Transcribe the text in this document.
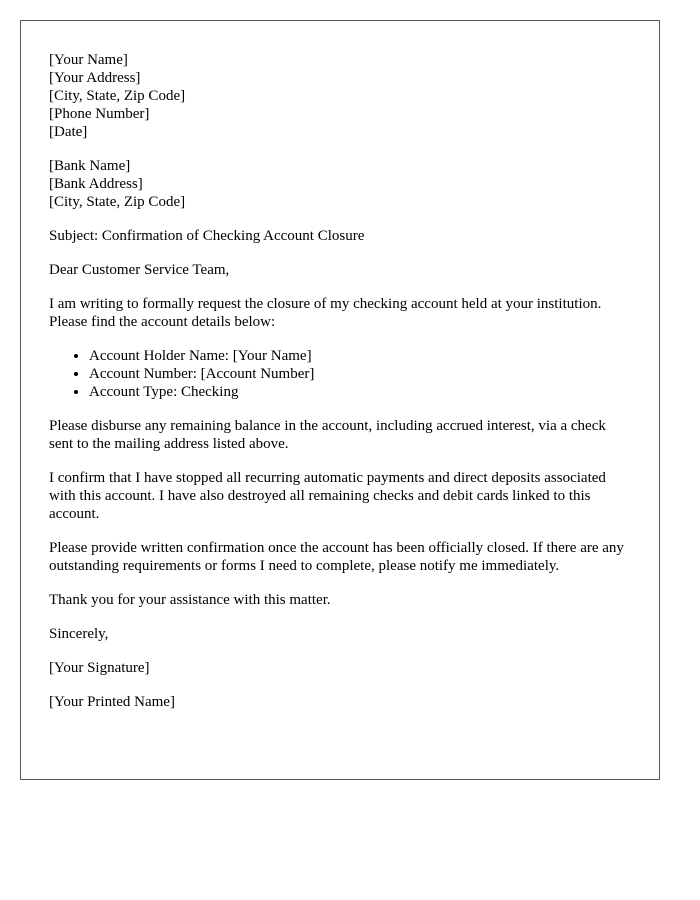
[Your Name]

[Your Address]

[City, State, Zip Code]

[Phone Number]

[Date]

[Bank Name]

[Bank Address]

[City, State, Zip Code]

Subject: Confirmation of Checking Account Closure

Dear Customer Service Team,

I am writing to formally request the closure of my checking account held at your institution. Please find the account details below:

• Account Holder Name: [Your Name]
• Account Number: [Account Number]
• Account Type: Checking

Please disburse any remaining balance in the account, including accrued interest, via a check sent to the mailing address listed above.

I confirm that I have stopped all recurring automatic payments and direct deposits associated with this account. I have also destroyed all remaining checks and debit cards linked to this account.

Please provide written confirmation once the account has been officially closed. If there are any outstanding requirements or forms I need to complete, please notify me immediately.

Thank you for your assistance with this matter.

Sincerely,

[Your Signature]

[Your Printed Name]
